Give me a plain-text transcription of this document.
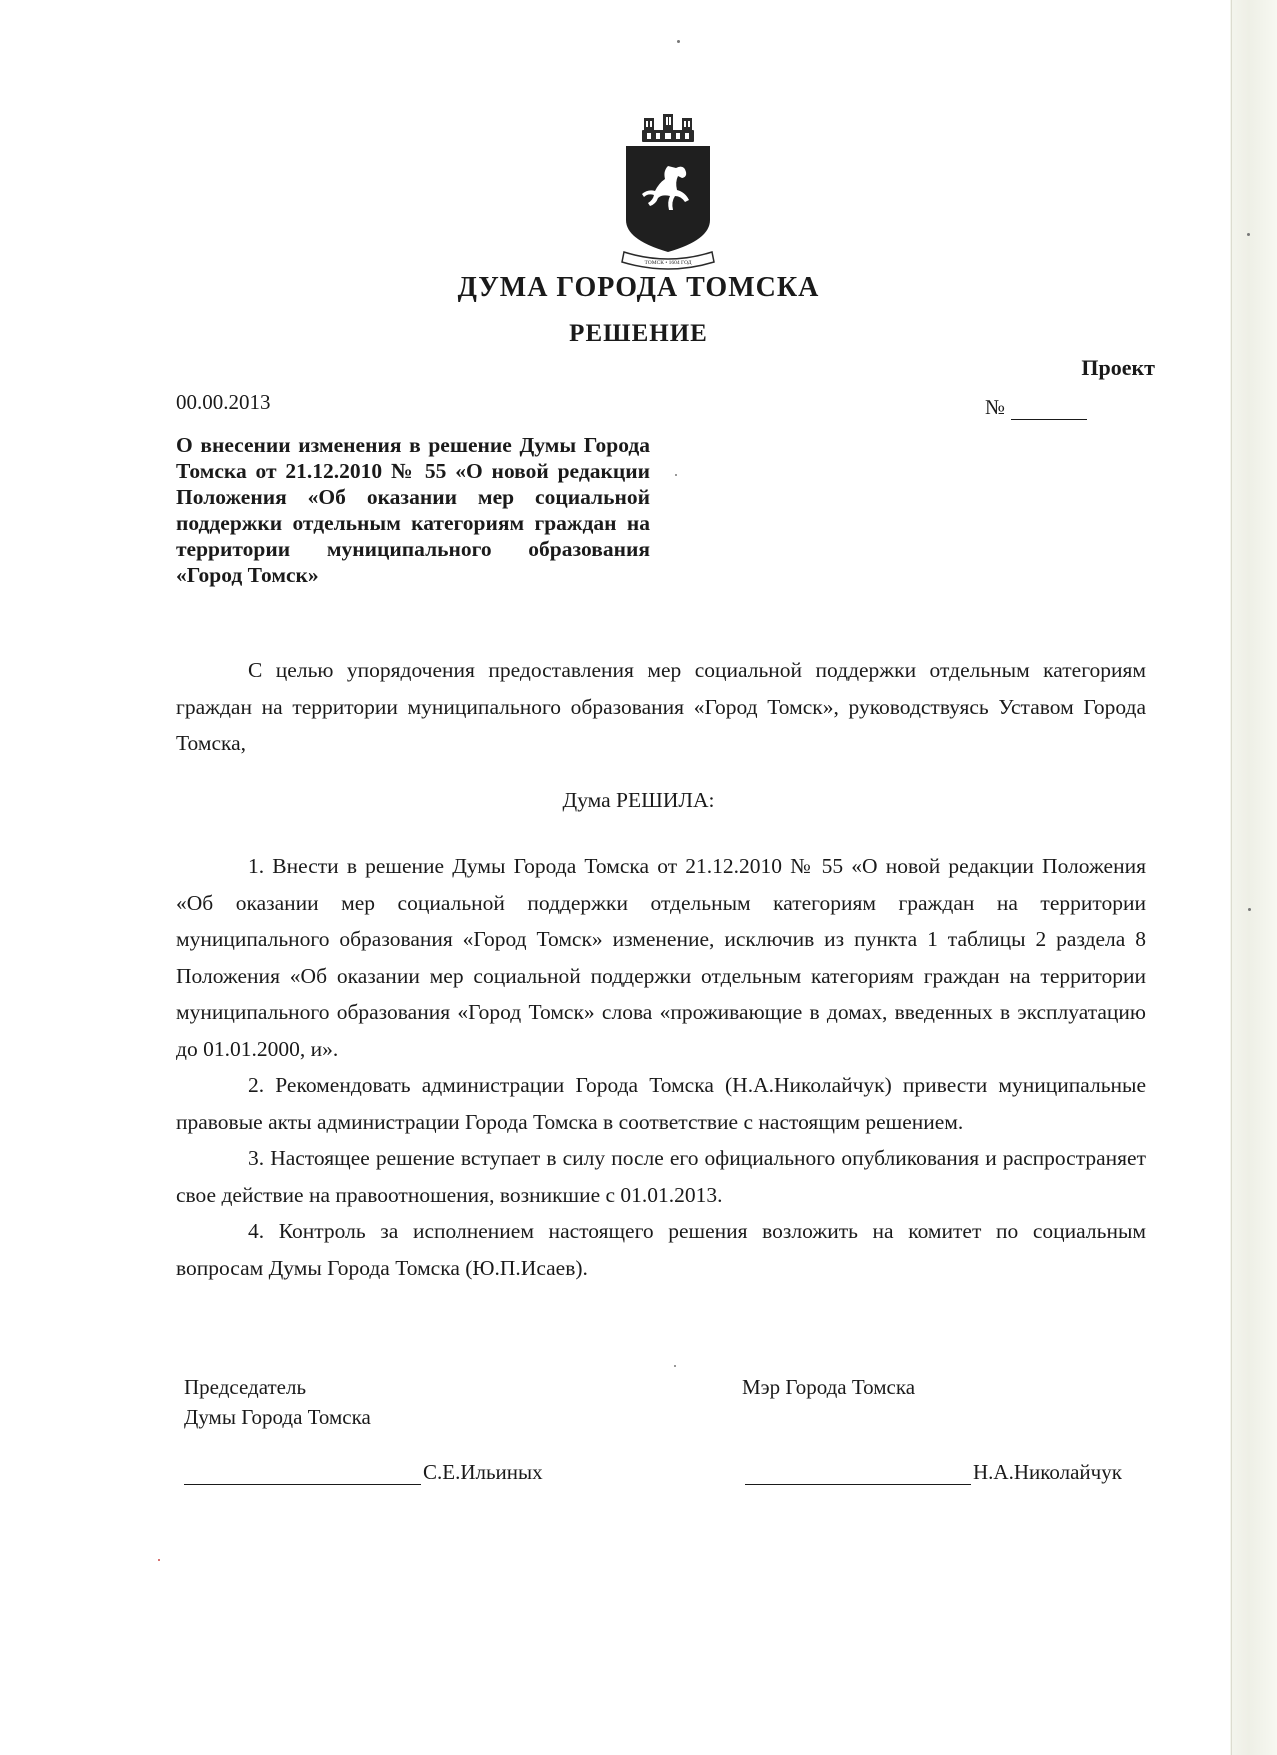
ТОМСК • 1604 ГОД
ДУМА ГОРОДА ТОМСКА
РЕШЕНИЕ
Проект
00.00.2013	№
О внесении изменения в решение Думы Города Томска от 21.12.2010 № 55 «О новой редакции Положения «Об оказании мер социальной поддержки отдельным категориям граждан на территории муниципального образования «Город Томск»

С целью упорядочения предоставления мер социальной поддержки отдельным категориям граждан на территории муниципального образования «Город Томск», руководствуясь Уставом Города Томска,

Дума РЕШИЛА:

1. Внести в решение Думы Города Томска от 21.12.2010 № 55 «О новой редакции Положения «Об оказании мер социальной поддержки отдельным категориям граждан на территории муниципального образования «Город Томск» изменение, исключив из пункта 1 таблицы 2 раздела 8 Положения «Об оказании мер социальной поддержки отдельным категориям граждан на территории муниципального образования «Город Томск» слова «проживающие в домах, введенных в эксплуатацию до 01.01.2000, и».

2. Рекомендовать администрации Города Томска (Н.А.Николайчук) привести муниципальные правовые акты администрации Города Томска в соответствие с настоящим решением.

3. Настоящее решение вступает в силу после его официального опубликования и распространяет свое действие на правоотношения, возникшие с 01.01.2013.

4. Контроль за исполнением настоящего решения возложить на комитет по социальным вопросам Думы Города Томска (Ю.П.Исаев).

Председатель
Думы Города Томска
Мэр Города Томска
С.Е.Ильиных	Н.А.Николайчук
